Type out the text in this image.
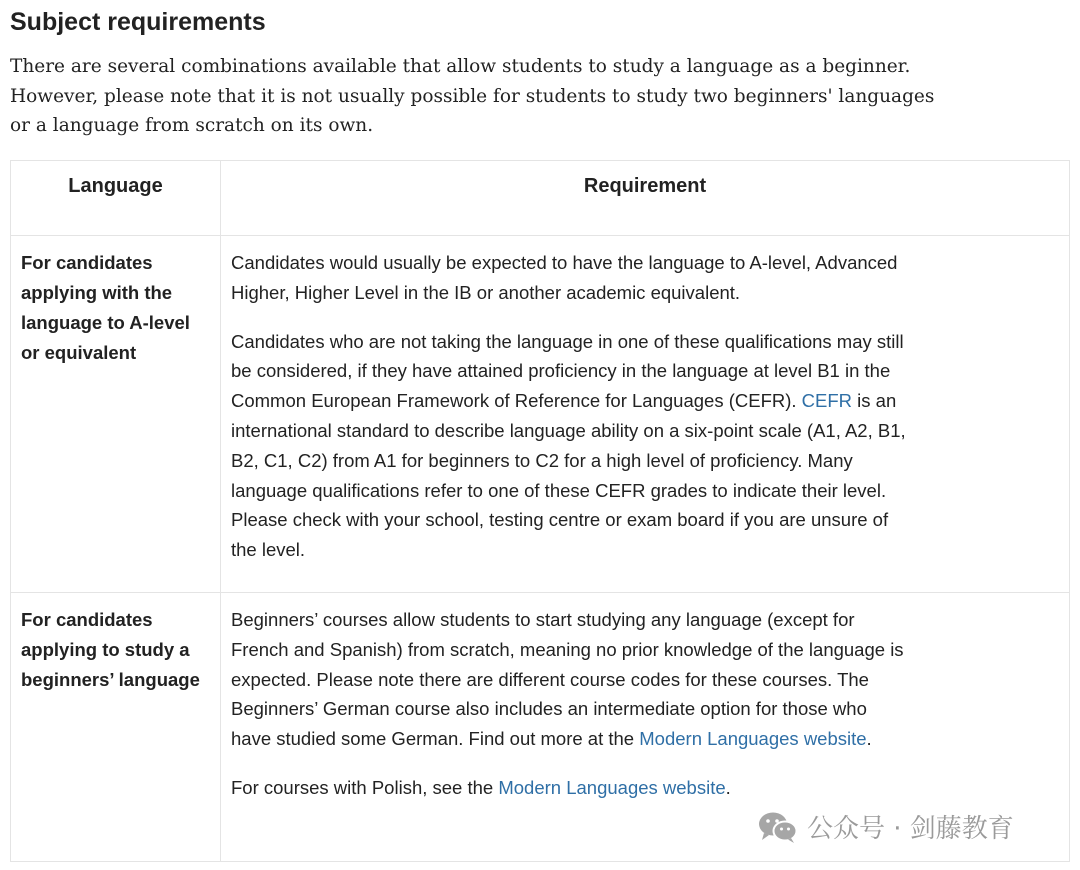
Subject requirements

There are several combinations available that allow students to study a language as a beginner. However, please note that it is not usually possible for students to study two beginners' languages or a language from scratch on its own.

Language	Requirement
For candidates applying with the language to A-level or equivalent	Candidates would usually be expected to have the language to A-level, Advanced Higher, Higher Level in the IB or another academic equivalent.

Candidates who are not taking the language in one of these qualifications may still be considered, if they have attained proficiency in the language at level B1 in the Common European Framework of Reference for Languages (CEFR). CEFR is an international standard to describe language ability on a six-point scale (A1, A2, B1, B2, C1, C2) from A1 for beginners to C2 for a high level of proficiency. Many language qualifications refer to one of these CEFR grades to indicate their level. Please check with your school, testing centre or exam board if you are unsure of the level.

For candidates applying to study a beginners’ language	Beginners’ courses allow students to start studying any language (except for French and Spanish) from scratch, meaning no prior knowledge of the language is expected. Please note there are different course codes for these courses. The Beginners’ German course also includes an intermediate option for those who have studied some German. Find out more at the Modern Languages website.

For courses with Polish, see the Modern Languages website.

公众号 · 剑藤教育
